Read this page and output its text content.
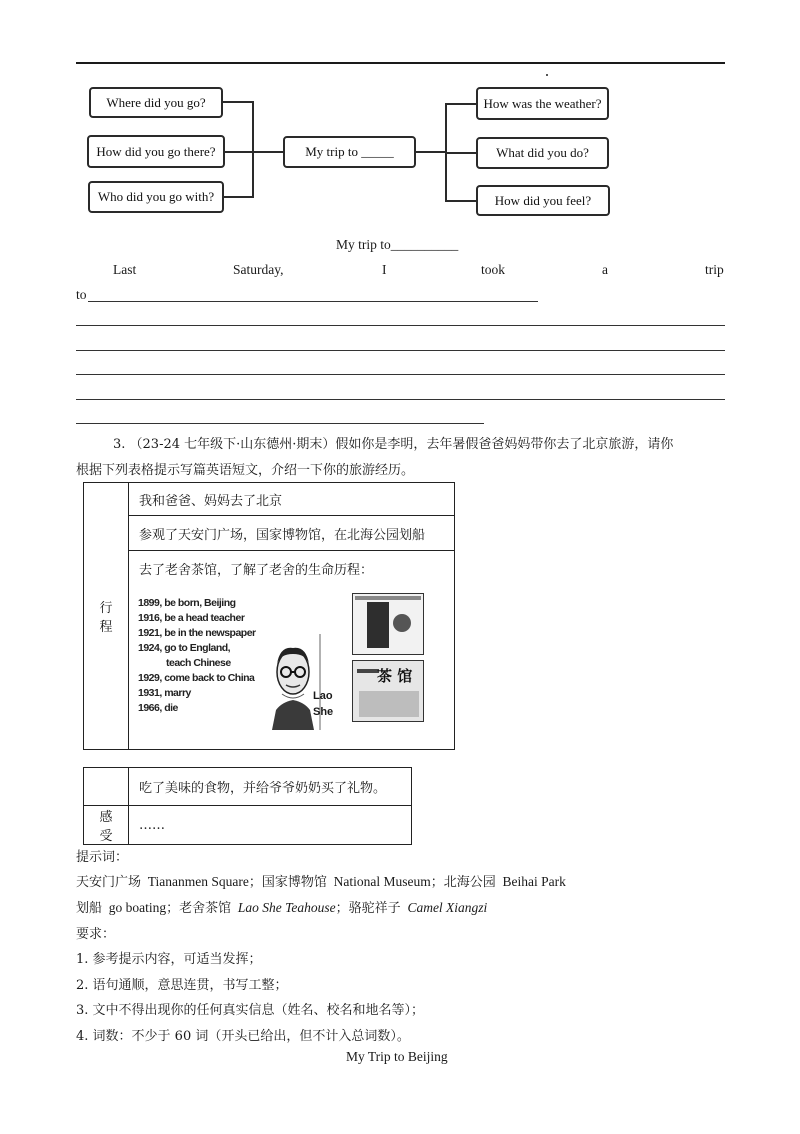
Where did you go?
How did you go there?
Who did you go with?
My trip to _____
How was the weather?
What did you do?
How did you feel?
My trip to__________
Last	Saturday,	I	took	a	trip
to
3. （23-24 七年级下·山东德州·期末）假如你是李明，去年暑假爸爸妈妈带你去了北京旅游，请你
根据下列表格提示写篇英语短文，介绍一下你的旅游经历。
行程	我和爸爸、妈妈去了北京
参观了天安门广场，国家博物馆，在北海公园划船
去了老舍茶馆，了解了老舍的生命历程：
1899, be born, Beijing
1916, be a head teacher
1921, be in the newspaper
1924, go to England,
teach Chinese
1929, come back to China
1931, marry
1966, die
Lao
She
茶 馆
	吃了美味的食物，并给爷爷奶奶买了礼物。
感受	……
提示词：
天安门广场 Tiananmen Square；国家博物馆 National Museum；北海公园 Beihai Park
划船 go boating；老舍茶馆 Lao She Teahouse；骆驼祥子 Camel Xiangzi
要求：
1. 参考提示内容，可适当发挥；
2. 语句通顺，意思连贯，书写工整；
3. 文中不得出现你的任何真实信息（姓名、校名和地名等）；
4. 词数：不少于 60 词（开头已给出，但不计入总词数）。
My Trip to Beijing
